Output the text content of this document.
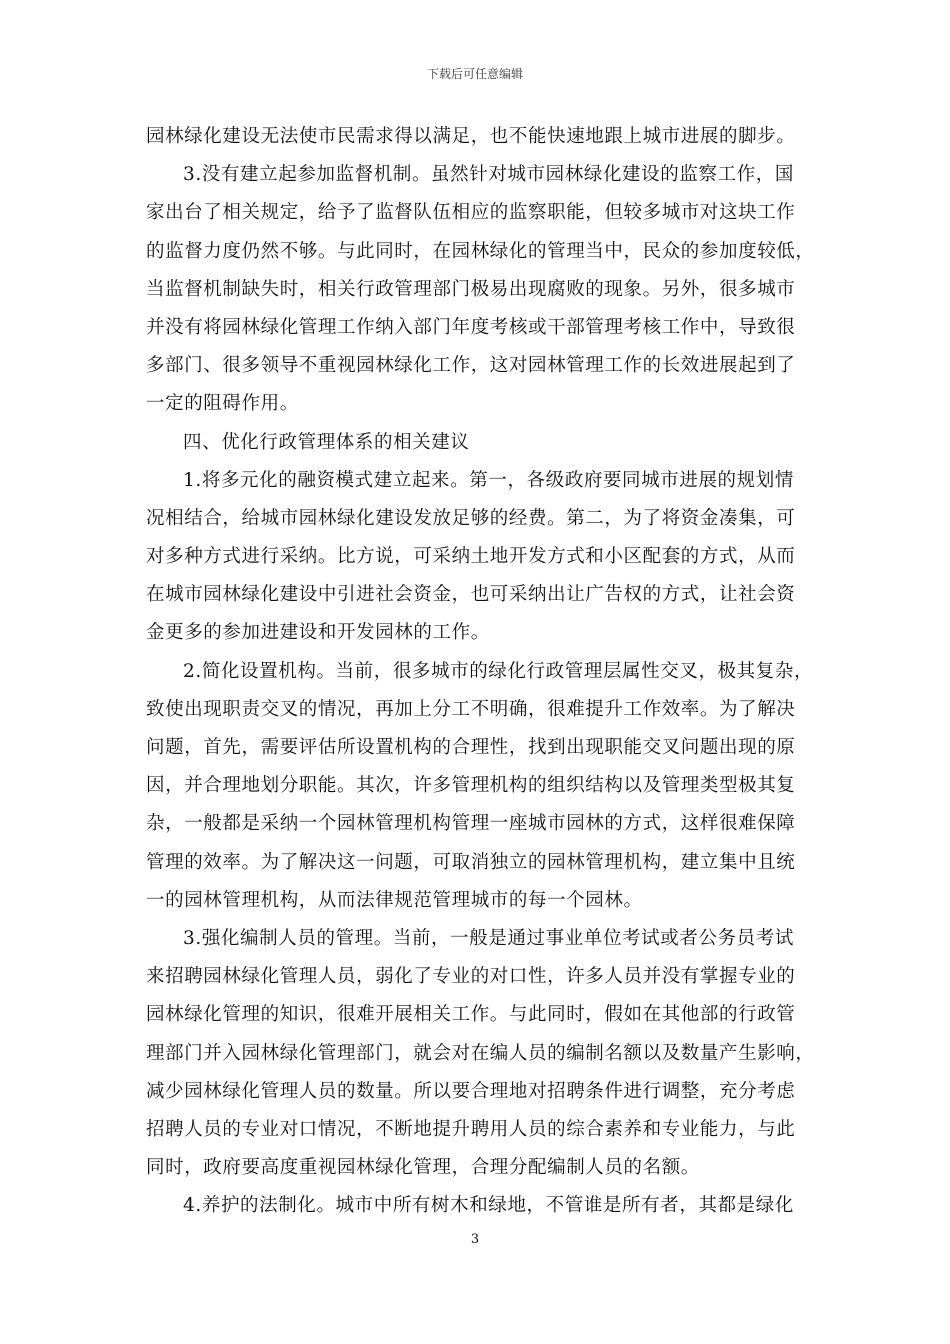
下载后可任意编辑
园林绿化建设无法使市民需求得以满足，也不能快速地跟上城市进展的脚步。
3.没有建立起参加监督机制。虽然针对城市园林绿化建设的监察工作，国
家出台了相关规定，给予了监督队伍相应的监察职能，但较多城市对这块工作
的监督力度仍然不够。与此同时，在园林绿化的管理当中，民众的参加度较低，
当监督机制缺失时，相关行政管理部门极易出现腐败的现象。另外，很多城市
并没有将园林绿化管理工作纳入部门年度考核或干部管理考核工作中，导致很
多部门、很多领导不重视园林绿化工作，这对园林管理工作的长效进展起到了
一定的阻碍作用。
四、优化行政管理体系的相关建议
1.将多元化的融资模式建立起来。第一，各级政府要同城市进展的规划情
况相结合，给城市园林绿化建设发放足够的经费。第二，为了将资金凑集，可
对多种方式进行采纳。比方说，可采纳土地开发方式和小区配套的方式，从而
在城市园林绿化建设中引进社会资金，也可采纳出让广告权的方式，让社会资
金更多的参加进建设和开发园林的工作。
2.简化设置机构。当前，很多城市的绿化行政管理层属性交叉，极其复杂，
致使出现职责交叉的情况，再加上分工不明确，很难提升工作效率。为了解决
问题，首先，需要评估所设置机构的合理性，找到出现职能交叉问题出现的原
因，并合理地划分职能。其次，许多管理机构的组织结构以及管理类型极其复
杂，一般都是采纳一个园林管理机构管理一座城市园林的方式，这样很难保障
管理的效率。为了解决这一问题，可取消独立的园林管理机构，建立集中且统
一的园林管理机构，从而法律规范管理城市的每一个园林。
3.强化编制人员的管理。当前，一般是通过事业单位考试或者公务员考试
来招聘园林绿化管理人员，弱化了专业的对口性，许多人员并没有掌握专业的
园林绿化管理的知识，很难开展相关工作。与此同时，假如在其他部的行政管
理部门并入园林绿化管理部门，就会对在编人员的编制名额以及数量产生影响，
减少园林绿化管理人员的数量。所以要合理地对招聘条件进行调整，充分考虑
招聘人员的专业对口情况，不断地提升聘用人员的综合素养和专业能力，与此
同时，政府要高度重视园林绿化管理，合理分配编制人员的名额。
4.养护的法制化。城市中所有树木和绿地，不管谁是所有者，其都是绿化
3
